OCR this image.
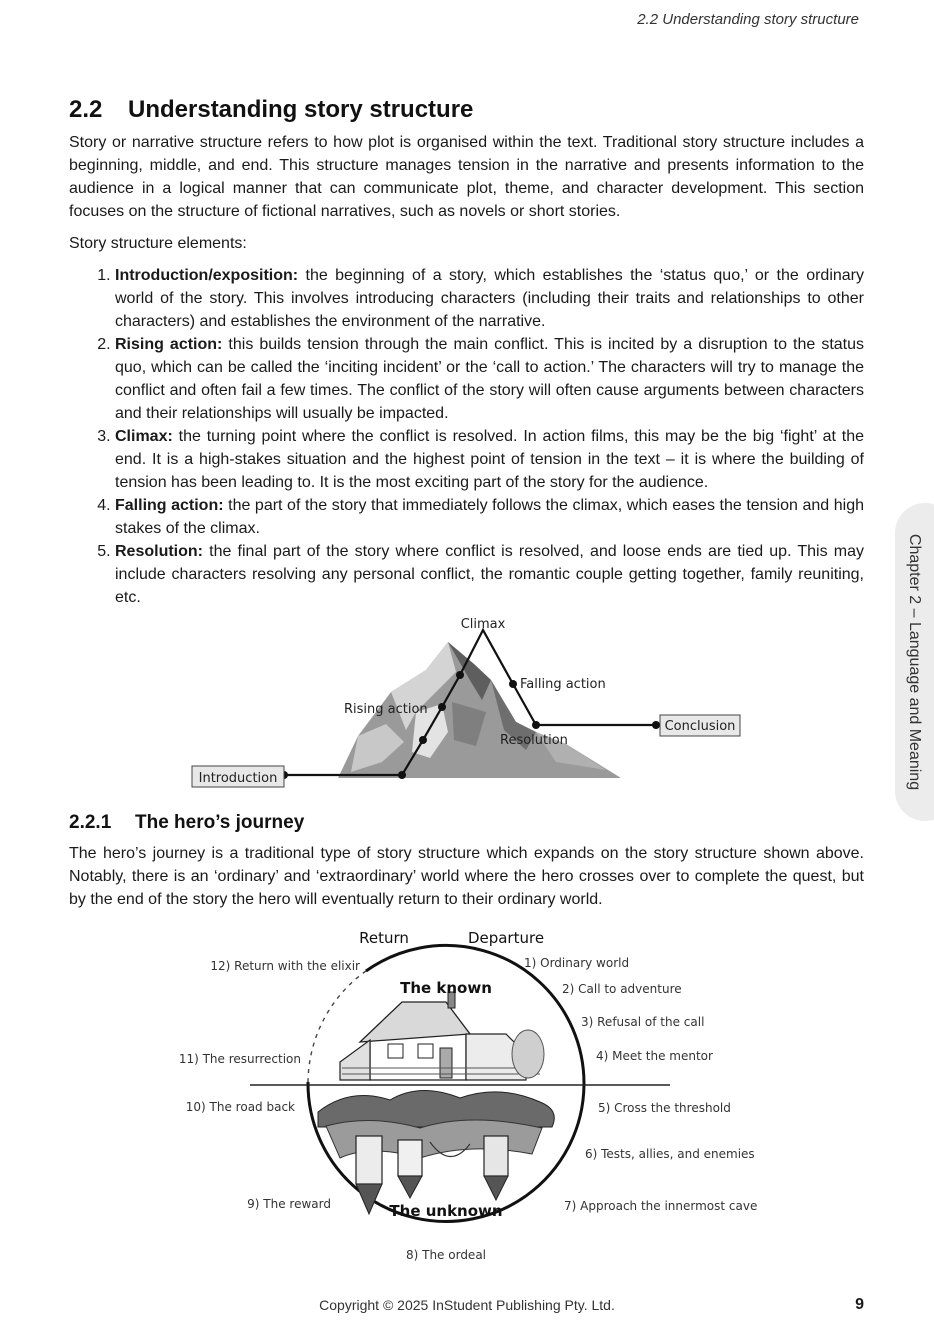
2.2 Understanding story structure
Chapter 2 – Language and Meaning
2.2 Understanding story structure

Story or narrative structure refers to how plot is organised within the text. Traditional story structure includes a beginning, middle, and end. This structure manages tension in the narrative and presents information to the audience in a logical manner that can communicate plot, theme, and character development. This section focuses on the structure of fictional narratives, such as novels or short stories.

Story structure elements:

1. Introduction/exposition: the beginning of a story, which establishes the ‘status quo,’ or the ordinary world of the story. This involves introducing characters (including their traits and relationships to other characters) and establishes the environment of the narrative.
2. Rising action: this builds tension through the main conflict. This is incited by a disruption to the status quo, which can be called the ‘inciting incident’ or the ‘call to action.’ The characters will try to manage the conflict and often fail a few times. The conflict of the story will often cause arguments between characters and their relationships will usually be impacted.
3. Climax: the turning point where the conflict is resolved. In action films, this may be the big ‘fight’ at the end. It is a high-stakes situation and the highest point of tension in the text – it is where the building of tension has been leading to. It is the most exciting part of the story for the audience.
4. Falling action: the part of the story that immediately follows the climax, which eases the tension and high stakes of the climax.
5. Resolution: the final part of the story where conflict is resolved, and loose ends are tied up. This may include characters resolving any personal conflict, the romantic couple getting together, family reuniting, etc.
Introduction
Conclusion
Climax
Falling action
Rising action
Resolution
2.2.1 The hero’s journey

The hero’s journey is a traditional type of story structure which expands on the story structure shown above. Notably, there is an ‘ordinary’ and ‘extraordinary’ world where the hero crosses over to complete the quest, but by the end of the story the hero will eventually return to their ordinary world.

Return	Departure
The known
The unknown
1) Ordinary world
2) Call to adventure
3) Refusal of the call
4) Meet the mentor
5) Cross the threshold
6) Tests, allies, and enemies
7) Approach the innermost cave
8) The ordeal
9) The reward
10) The road back
11) The resurrection
12) Return with the elixir
Copyright © 2025 InStudent Publishing Pty. Ltd.	9
